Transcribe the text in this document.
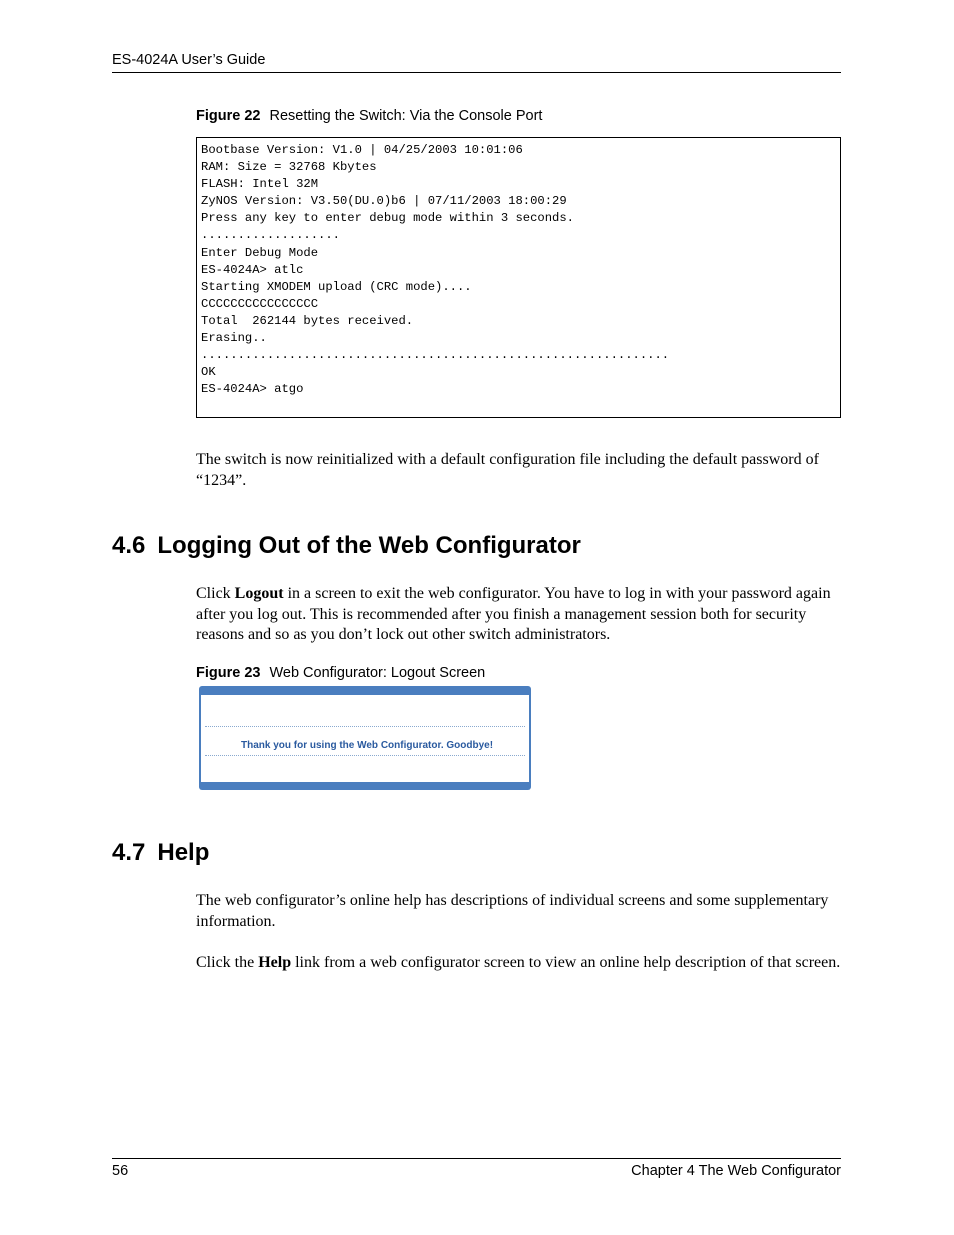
ES-4024A User’s Guide
Figure 22 Resetting the Switch: Via the Console Port
Bootbase Version: V1.0 | 04/25/2003 10:01:06
RAM: Size = 32768 Kbytes
FLASH: Intel 32M
ZyNOS Version: V3.50(DU.0)b6 | 07/11/2003 18:00:29
Press any key to enter debug mode within 3 seconds.
...................
Enter Debug Mode
ES-4024A> atlc
Starting XMODEM upload (CRC mode)....
CCCCCCCCCCCCCCCC
Total  262144 bytes received.
Erasing..
................................................................
OK
ES-4024A> atgo
The switch is now reinitialized with a default configuration file including the default password of “1234”.
4.6 Logging Out of the Web Configurator
Click Logout in a screen to exit the web configurator. You have to log in with your password again after you log out. This is recommended after you finish a management session both for security reasons and so as you don’t lock out other switch administrators.
Figure 23 Web Configurator: Logout Screen
Thank you for using the Web Configurator. Goodbye!
4.7 Help
The web configurator’s online help has descriptions of individual screens and some supplementary information.
Click the Help link from a web configurator screen to view an online help description of that screen.
56	Chapter 4 The Web Configurator
